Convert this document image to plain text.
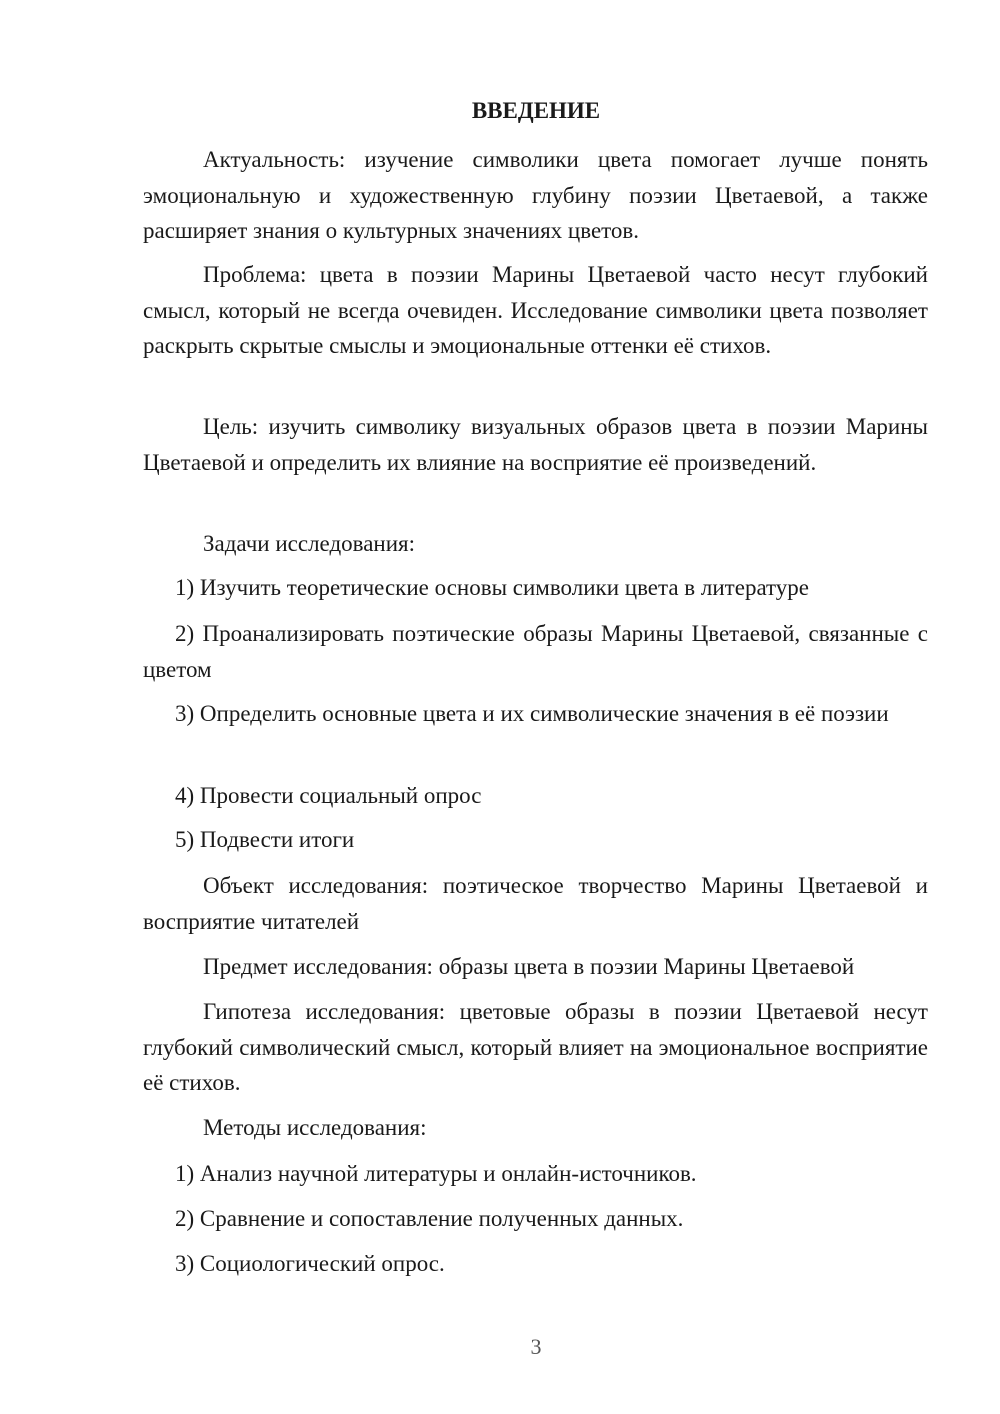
ВВЕДЕНИЕ

Актуальность: изучение символики цвета помогает лучше понять эмоциональную и художественную глубину поэзии Цветаевой, а также расширяет знания о культурных значениях цветов.

Проблема: цвета в поэзии Марины Цветаевой часто несут глубокий смысл, который не всегда очевиден. Исследование символики цвета позволяет раскрыть скрытые смыслы и эмоциональные оттенки её стихов.

Цель: изучить символику визуальных образов цвета в поэзии Марины Цветаевой и определить их влияние на восприятие её произведений.

Задачи исследования:

1) Изучить теоретические основы символики цвета в литературе

2) Проанализировать поэтические образы Марины Цветаевой, связанные с цветом

3) Определить основные цвета и их символические значения в её поэзии

4) Провести социальный опрос

5) Подвести итоги

Объект исследования: поэтическое творчество Марины Цветаевой и восприятие читателей

Предмет исследования: образы цвета в поэзии Марины Цветаевой

Гипотеза исследования: цветовые образы в поэзии Цветаевой несут глубокий символический смысл, который влияет на эмоциональное восприятие её стихов.

Методы исследования:

1) Анализ научной литературы и онлайн-источников.

2) Сравнение и сопоставление полученных данных.

3) Социологический опрос.

3
